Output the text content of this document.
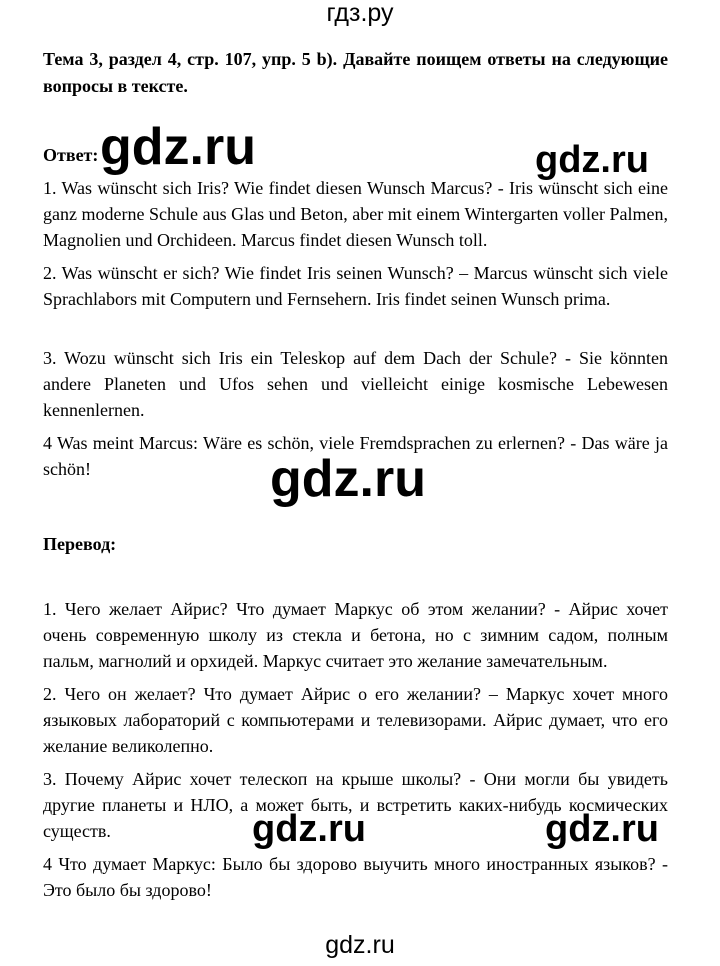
гдз.ру
Тема 3, раздел 4, стр. 107, упр. 5 b). Давайте поищем ответы на следующие вопросы в тексте.
Ответ:
1. Was wünscht sich Iris? Wie findet diesen Wunsch Marcus? - Iris wünscht sich eine ganz moderne Schule aus Glas und Beton, aber mit einem Wintergarten voller Palmen, Magnolien und Orchideen. Marcus findet diesen Wunsch toll.
2. Was wünscht er sich? Wie findet Iris seinen Wunsch? – Marcus wünscht sich viele Sprachlabors mit Computern und Fernsehern. Iris findet seinen Wunsch prima.
3. Wozu wünscht sich Iris ein Teleskop auf dem Dach der Schule? - Sie könnten andere Planeten und Ufos sehen und vielleicht einige kosmische Lebewesen kennenlernen.
4 Was meint Marcus: Wäre es schön, viele Fremdsprachen zu erlernen? - Das wäre ja schön!
Перевод:
1. Чего желает Айрис? Что думает Маркус об этом желании? - Айрис хочет очень современную школу из стекла и бетона, но с зимним садом, полным пальм, магнолий и орхидей. Маркус считает это желание замечательным.
2. Чего он желает? Что думает Айрис о его желании? – Маркус хочет много языковых лабораторий с компьютерами и телевизорами. Айрис думает, что его желание великолепно.
3. Почему Айрис хочет телескоп на крыше школы? - Они могли бы увидеть другие планеты и НЛО, а может быть, и встретить каких-нибудь космических существ.
4 Что думает Маркус: Было бы здорово выучить много иностранных языков? - Это было бы здорово!
gdz.ru	gdz.ru
gdz.ru
gdz.ru	gdz.ru
gdz.ru
